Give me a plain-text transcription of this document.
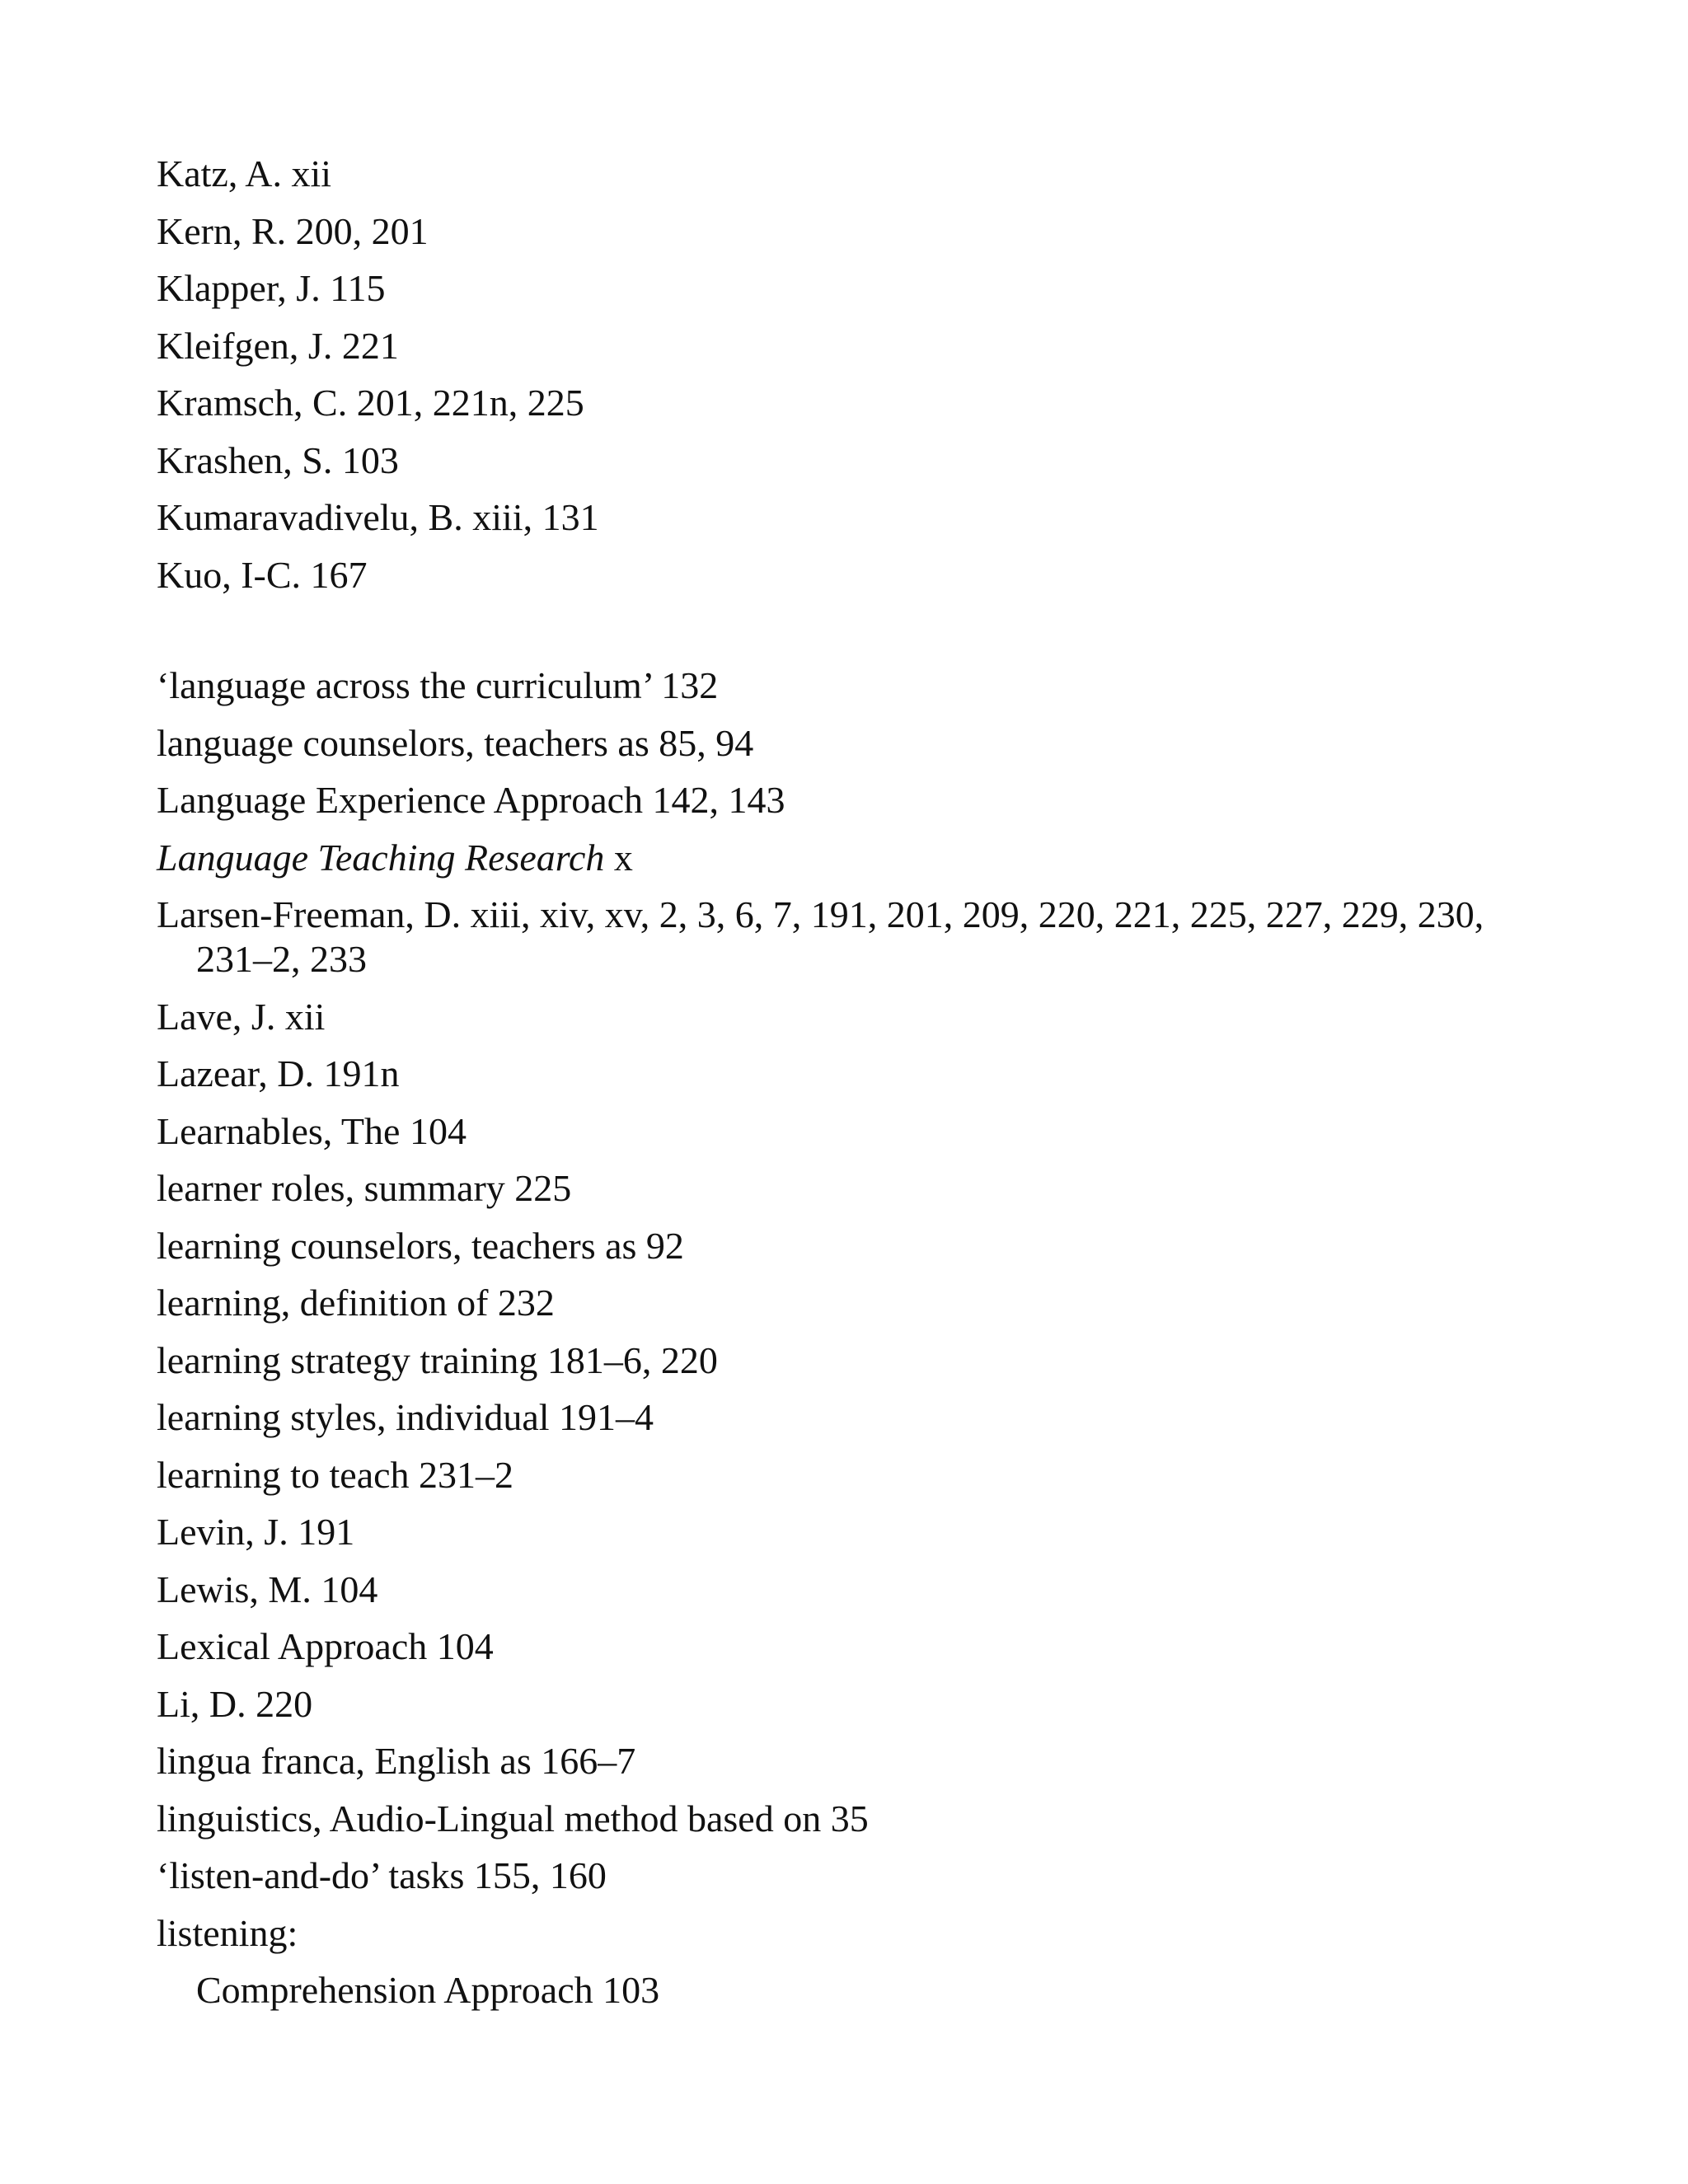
Katz, A. xii
Kern, R. 200, 201
Klapper, J. 115
Kleifgen, J. 221
Kramsch, C. 201, 221n, 225
Krashen, S. 103
Kumaravadivelu, B. xiii, 131
Kuo, I-C. 167
‘language across the curriculum’ 132
language counselors, teachers as 85, 94
Language Experience Approach 142, 143
Language Teaching Research x
Larsen-Freeman, D. xiii, xiv, xv, 2, 3, 6, 7, 191, 201, 209, 220, 221, 225, 227, 229, 230, 231–2, 233
Lave, J. xii
Lazear, D. 191n
Learnables, The 104
learner roles, summary 225
learning counselors, teachers as 92
learning, definition of 232
learning strategy training 181–6, 220
learning styles, individual 191–4
learning to teach 231–2
Levin, J. 191
Lewis, M. 104
Lexical Approach 104
Li, D. 220
lingua franca, English as 166–7
linguistics, Audio-Lingual method based on 35
‘listen-and-do’ tasks 155, 160
listening:
Comprehension Approach 103
